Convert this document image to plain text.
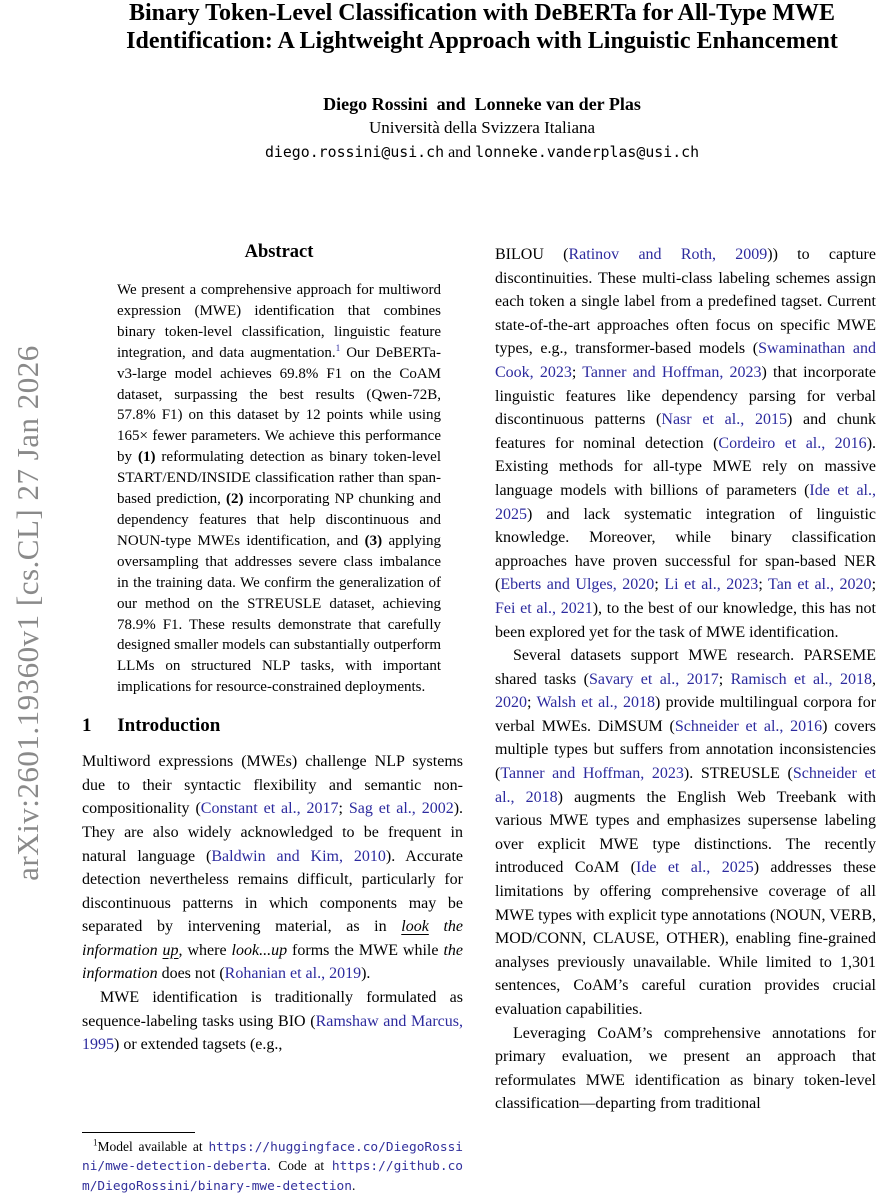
arXiv:2601.19360v1 [cs.CL] 27 Jan 2026
Binary Token-Level Classification with DeBERTa for All-Type MWE
Identification: A Lightweight Approach with Linguistic Enhancement
Diego Rossini and Lonneke van der Plas
Università della Svizzera Italiana
diego.rossini@usi.ch and lonneke.vanderplas@usi.ch
Abstract

We present a comprehensive approach for multiword expression (MWE) identification that combines binary token-level classification, linguistic feature integration, and data augmentation.$^1$ Our DeBERTa-v3-large model achieves 69.8% F1 on the CoAM dataset, surpassing the best results (Qwen-72B, 57.8% F1) on this dataset by 12 points while using 165× fewer parameters. We achieve this performance by (1) reformulating detection as binary token-level START/END/INSIDE classification rather than span-based prediction, (2) incorporating NP chunking and dependency features that help discontinuous and NOUN-type MWEs identification, and (3) applying oversampling that addresses severe class imbalance in the training data. We confirm the generalization of our method on the STREUSLE dataset, achieving 78.9% F1. These results demonstrate that carefully designed smaller models can substantially outperform LLMs on structured NLP tasks, with important implications for resource-constrained deployments.

1 Introduction

Multiword expressions (MWEs) challenge NLP systems due to their syntactic flexibility and semantic non-compositionality (Constant et al., 2017; Sag et al., 2002). They are also widely acknowledged to be frequent in natural language (Baldwin and Kim, 2010). Accurate detection nevertheless remains difficult, particularly for discontinuous patterns in which components may be separated by intervening material, as in look the information up, where look...up forms the MWE while the information does not (Rohanian et al., 2019).

MWE identification is traditionally formulated as sequence-labeling tasks using BIO (Ramshaw and Marcus, 1995) or extended tagsets (e.g.,

$^1$Model available at https://huggingface.co/DiegoRossini/mwe-detection-deberta. Code at https://github.com/DiegoRossini/binary-mwe-detection.

BILOU (Ratinov and Roth, 2009)) to capture discontinuities. These multi-class labeling schemes assign each token a single label from a predefined tagset. Current state-of-the-art approaches often focus on specific MWE types, e.g., transformer-based models (Swaminathan and Cook, 2023; Tanner and Hoffman, 2023) that incorporate linguistic features like dependency parsing for verbal discontinuous patterns (Nasr et al., 2015) and chunk features for nominal detection (Cordeiro et al., 2016). Existing methods for all-type MWE rely on massive language models with billions of parameters (Ide et al., 2025) and lack systematic integration of linguistic knowledge. Moreover, while binary classification approaches have proven successful for span-based NER (Eberts and Ulges, 2020; Li et al., 2023; Tan et al., 2020; Fei et al., 2021), to the best of our knowledge, this has not been explored yet for the task of MWE identification.

Several datasets support MWE research. PARSEME shared tasks (Savary et al., 2017; Ramisch et al., 2018, 2020; Walsh et al., 2018) provide multilingual corpora for verbal MWEs. DiMSUM (Schneider et al., 2016) covers multiple types but suffers from annotation inconsistencies (Tanner and Hoffman, 2023). STREUSLE (Schneider et al., 2018) augments the English Web Treebank with various MWE types and emphasizes supersense labeling over explicit MWE type distinctions. The recently introduced CoAM (Ide et al., 2025) addresses these limitations by offering comprehensive coverage of all MWE types with explicit type annotations (NOUN, VERB, MOD/CONN, CLAUSE, OTHER), enabling fine-grained analyses previously unavailable. While limited to 1,301 sentences, CoAM’s careful curation provides crucial evaluation capabilities.

Leveraging CoAM’s comprehensive annotations for primary evaluation, we present an approach that reformulates MWE identification as binary token-level classification—departing from traditional
